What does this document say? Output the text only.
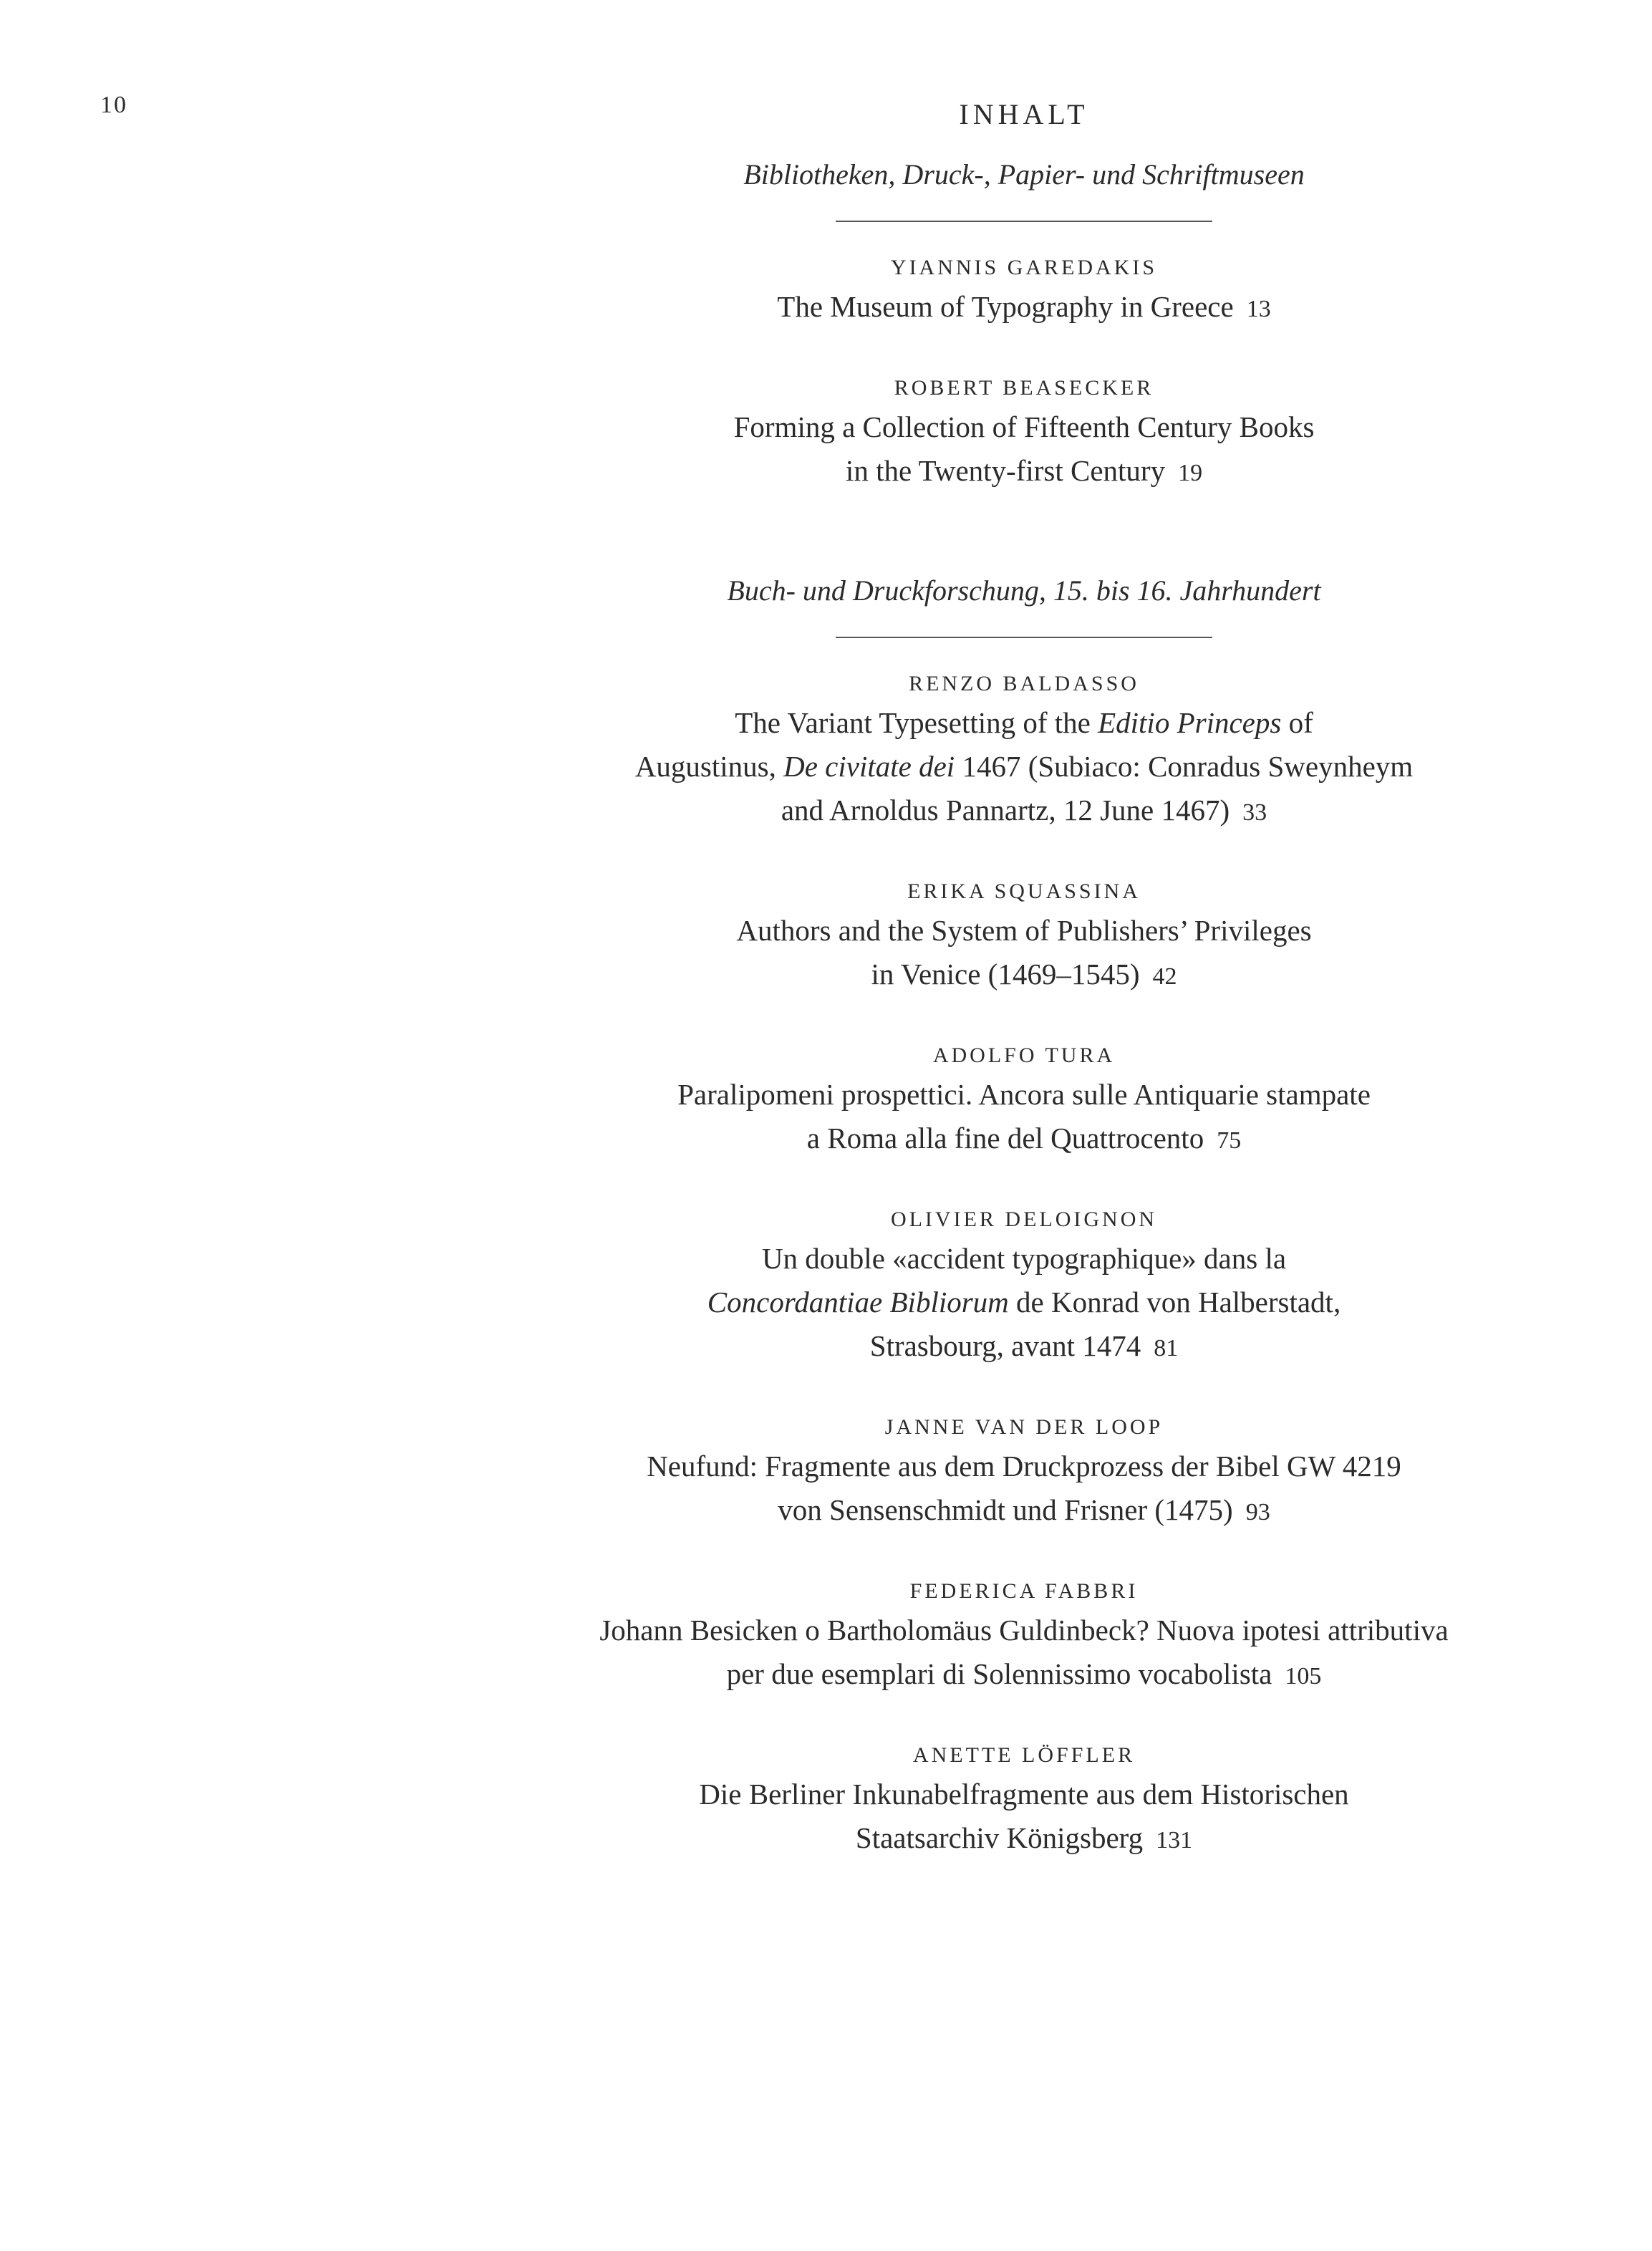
10	INHALT
Bibliotheken, Druck-, Papier- und Schriftmuseen
YIANNIS GAREDAKIS
The Museum of Typography in Greece 13
ROBERT BEASECKER
Forming a Collection of Fifteenth Century Books
in the Twenty-first Century 19
Buch- und Druckforschung, 15. bis 16. Jahrhundert
RENZO BALDASSO
The Variant Typesetting of the Editio Princeps of
Augustinus, De civitate dei 1467 (Subiaco: Conradus Sweynheym
and Arnoldus Pannartz, 12 June 1467) 33
ERIKA SQUASSINA
Authors and the System of Publishers’ Privileges
in Venice (1469–1545) 42
ADOLFO TURA
Paralipomeni prospettici. Ancora sulle Antiquarie stampate
a Roma alla fine del Quattrocento 75
OLIVIER DELOIGNON
Un double «accident typographique» dans la
Concordantiae Bibliorum de Konrad von Halberstadt,
Strasbourg, avant 1474 81
JANNE VAN DER LOOP
Neufund: Fragmente aus dem Druckprozess der Bibel GW 4219
von Sensenschmidt und Frisner (1475) 93
FEDERICA FABBRI
Johann Besicken o Bartholomäus Guldinbeck? Nuova ipotesi attributiva
per due esemplari di Solennissimo vocabolista 105
ANETTE LÖFFLER
Die Berliner Inkunabelfragmente aus dem Historischen
Staatsarchiv Königsberg 131
